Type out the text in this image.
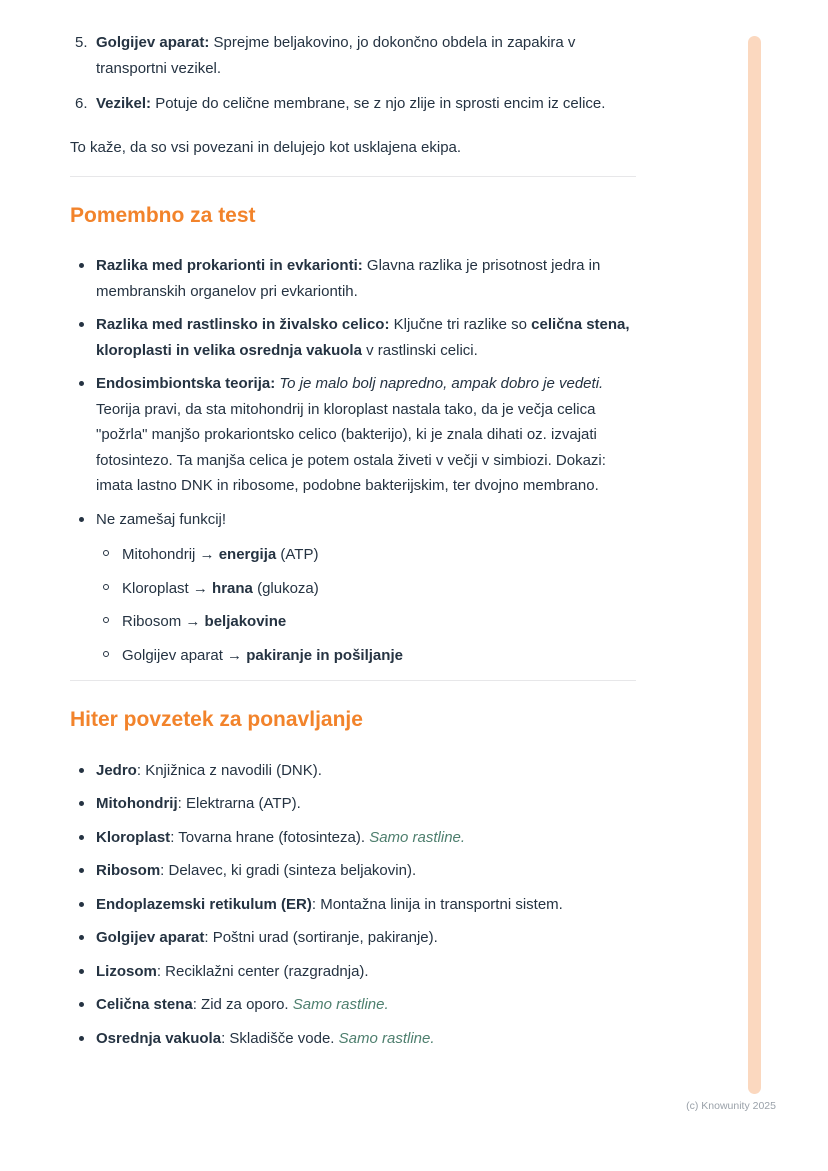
5. Golgijev aparat: Sprejme beljakovino, jo dokončno obdela in zapakira v transportni vezikel.
6. Vezikel: Potuje do celične membrane, se z njo zlije in sprosti encim iz celice.

To kaže, da so vsi povezani in delujejo kot usklajena ekipa.

Pomembno za test
Razlika med prokarionti in evkarionti: Glavna razlika je prisotnost jedra in membranskih organelov pri evkariontih.
Razlika med rastlinsko in živalsko celico: Ključne tri razlike so celična stena, kloroplasti in velika osrednja vakuola v rastlinski celici.
Endosimbiontska teorija: To je malo bolj napredno, ampak dobro je vedeti. Teorija pravi, da sta mitohondrij in kloroplast nastala tako, da je večja celica "požrla" manjšo prokariontsko celico (bakterijo), ki je znala dihati oz. izvajati fotosintezo. Ta manjša celica je potem ostala živeti v večji v simbiozi. Dokazi: imata lastno DNK in ribosome, podobne bakterijskim, ter dvojno membrano.
Ne zamešaj funkcij!
Mitohondrij → energija (ATP)
Kloroplast → hrana (glukoza)
Ribosom → beljakovine
Golgijev aparat → pakiranje in pošiljanje
Hiter povzetek za ponavljanje
Jedro: Knjižnica z navodili (DNK).
Mitohondrij: Elektrarna (ATP).
Kloroplast: Tovarna hrane (fotosinteza). Samo rastline.
Ribosom: Delavec, ki gradi (sinteza beljakovin).
Endoplazemski retikulum (ER): Montažna linija in transportni sistem.
Golgijev aparat: Poštni urad (sortiranje, pakiranje).
Lizosom: Reciklažni center (razgradnja).
Celična stena: Zid za oporo. Samo rastline.
Osrednja vakuola: Skladišče vode. Samo rastline.
(c) Knowunity 2025
